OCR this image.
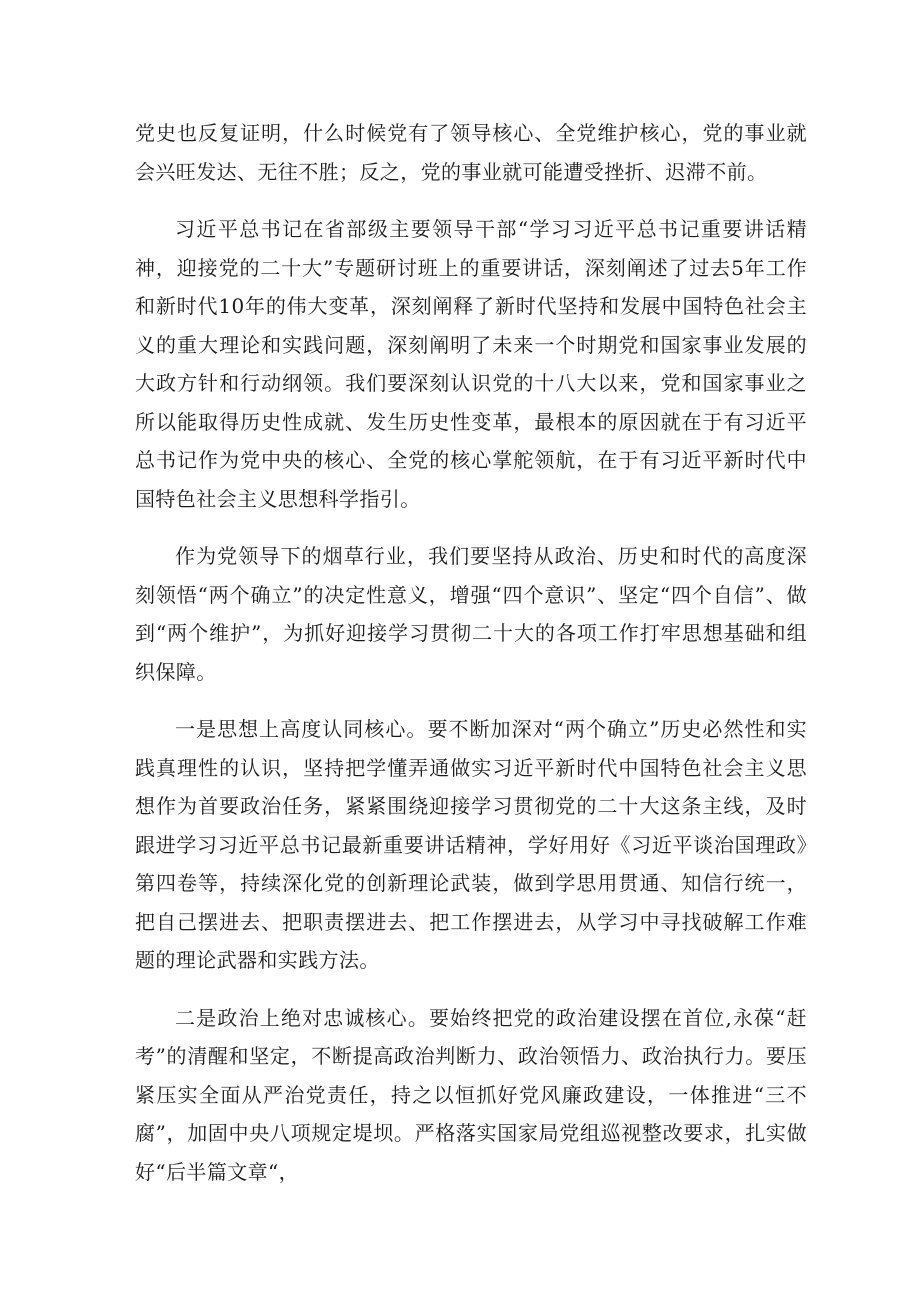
党史也反复证明，什么时候党有了领导核心、全党维护核心，党的事业就会兴旺发达、无往不胜；反之，党的事业就可能遭受挫折、迟滞不前。

习近平总书记在省部级主要领导干部“学习习近平总书记重要讲话精神，迎接党的二十大”专题研讨班上的重要讲话，深刻阐述了过去5年工作和新时代10年的伟大变革，深刻阐释了新时代坚持和发展中国特色社会主义的重大理论和实践问题，深刻阐明了未来一个时期党和国家事业发展的大政方针和行动纲领。我们要深刻认识党的十八大以来，党和国家事业之所以能取得历史性成就、发生历史性变革，最根本的原因就在于有习近平总书记作为党中央的核心、全党的核心掌舵领航，在于有习近平新时代中国特色社会主义思想科学指引。

作为党领导下的烟草行业，我们要坚持从政治、历史和时代的高度深刻领悟“两个确立”的决定性意义，增强“四个意识”、坚定“四个自信”、做到“两个维护”，为抓好迎接学习贯彻二十大的各项工作打牢思想基础和组织保障。

一是思想上高度认同核心。要不断加深对“两个确立”历史必然性和实践真理性的认识，坚持把学懂弄通做实习近平新时代中国特色社会主义思想作为首要政治任务，紧紧围绕迎接学习贯彻党的二十大这条主线，及时跟进学习习近平总书记最新重要讲话精神，学好用好《习近平谈治国理政》第四卷等，持续深化党的创新理论武装，做到学思用贯通、知信行统一，把自己摆进去、把职责摆进去、把工作摆进去，从学习中寻找破解工作难题的理论武器和实践方法。

二是政治上绝对忠诚核心。要始终把党的政治建设摆在首位,永葆“赶考”的清醒和坚定，不断提高政治判断力、政治领悟力、政治执行力。要压紧压实全面从严治党责任，持之以恒抓好党风廉政建设，一体推进“三不腐”，加固中央八项规定堤坝。严格落实国家局党组巡视整改要求，扎实做好“后半篇文章“，
